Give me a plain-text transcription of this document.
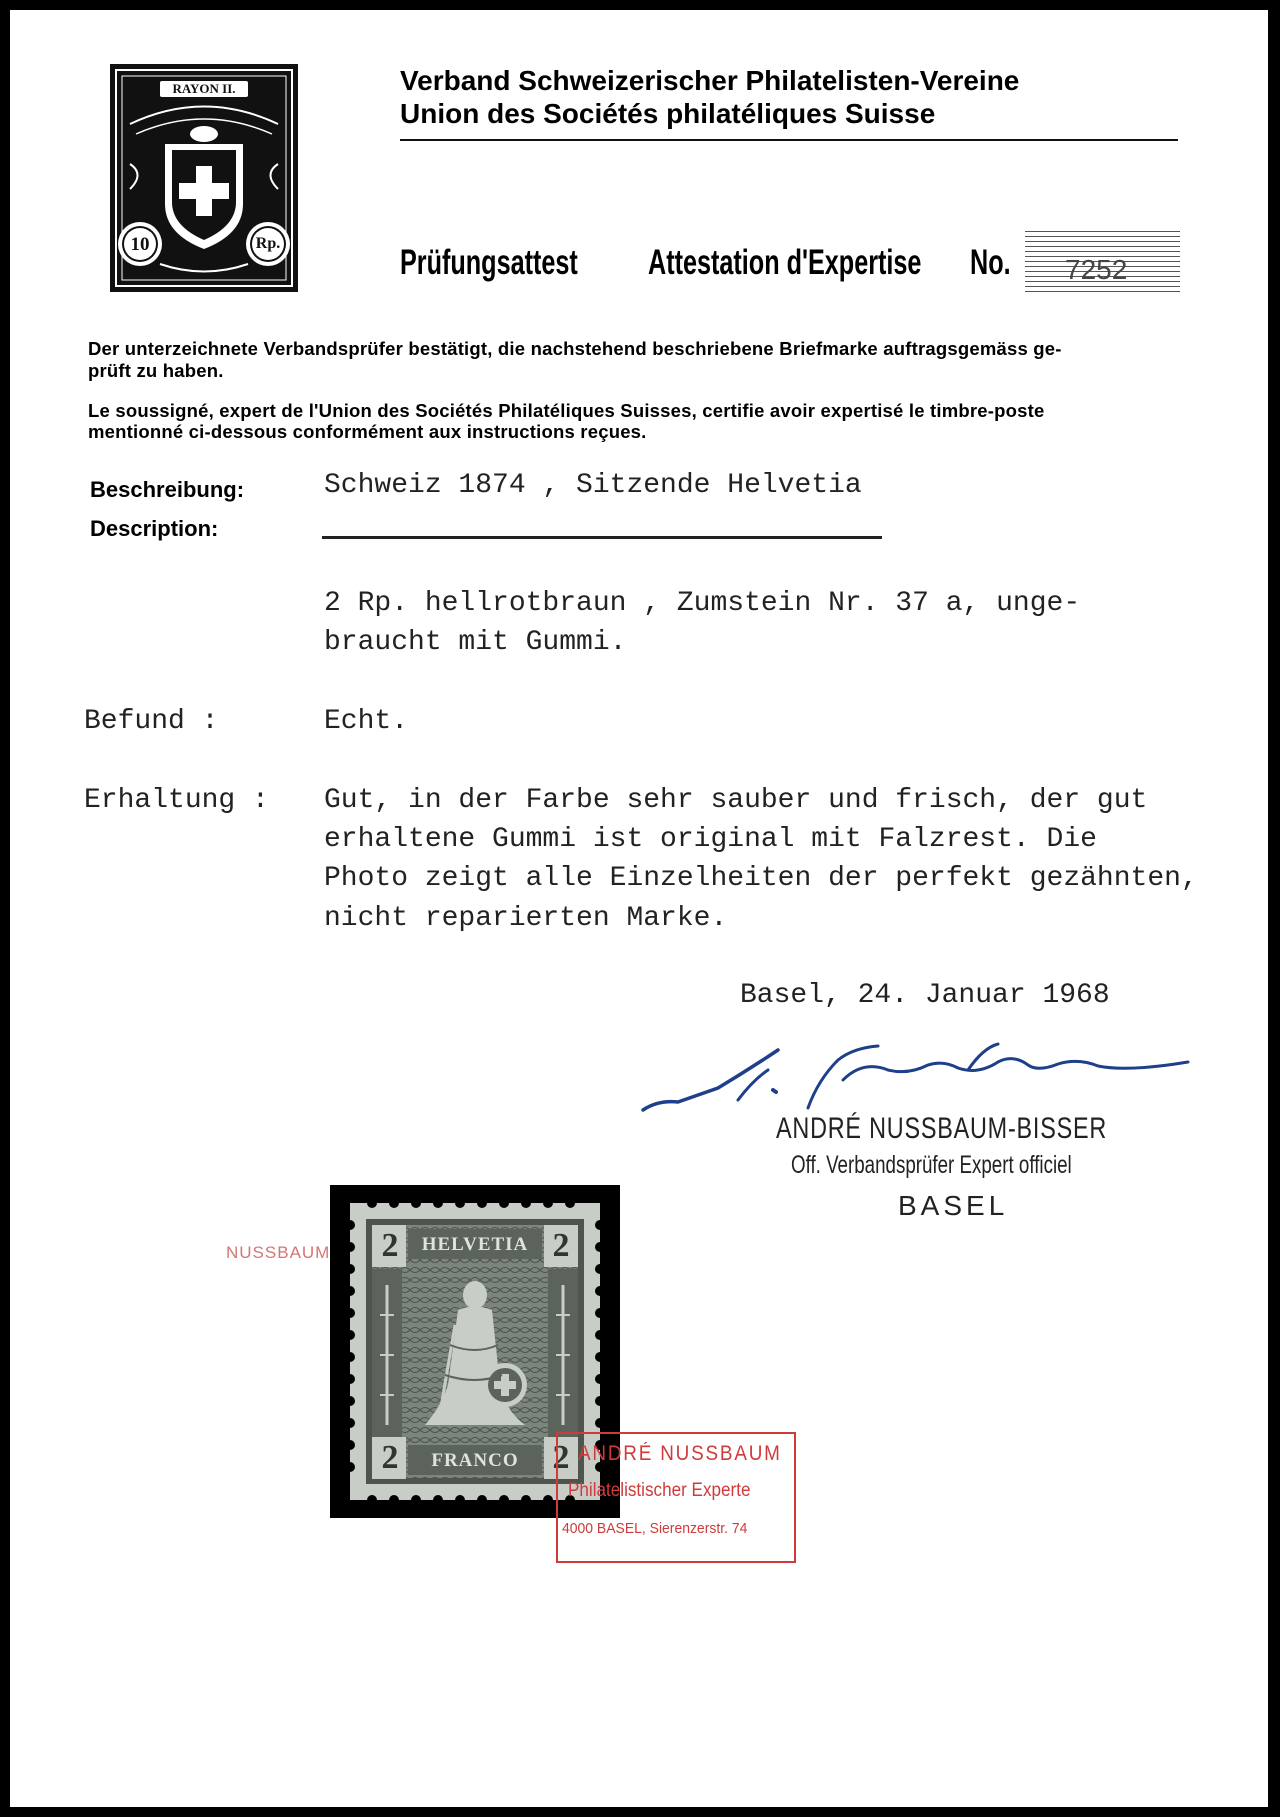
RAYON II.
10	Rp.
Verband Schweizerischer Philatelisten-Vereine
Union des Sociétés philatéliques Suisse
Prüfungsattest Attestation d'Expertise No. 7252
Der unterzeichnete Verbandsprüfer bestätigt, die nachstehend beschriebene Briefmarke auftragsgemäss ge-
prüft zu haben.
Le soussigné, expert de l'Union des Sociétés Philatéliques Suisses, certifie avoir expertisé le timbre-poste
mentionné ci-dessous conformément aux instructions reçues.
Beschreibung:
Description:
Schweiz 1874 , Sitzende Helvetia
2 Rp. hellrotbraun , Zumstein Nr. 37 a, unge-
braucht mit Gummi.
Befund :	Echt.
Erhaltung : Gut, in der Farbe sehr sauber und frisch, der gut
erhaltene Gummi ist original mit Falzrest. Die
Photo zeigt alle Einzelheiten der perfekt gezähnten,
nicht reparierten Marke.
Basel, 24. Januar 1968
ANDRÉ NUSSBAUM-BISSER
Off. Verbandsprüfer Expert officiel
BASEL
NUSSBAUM 2	2
2	2
HELVETIA
FRANCO	ANDRÉ NUSSBAUM
Philatelistischer Experte
4000 BASEL, Sierenzerstr. 74
